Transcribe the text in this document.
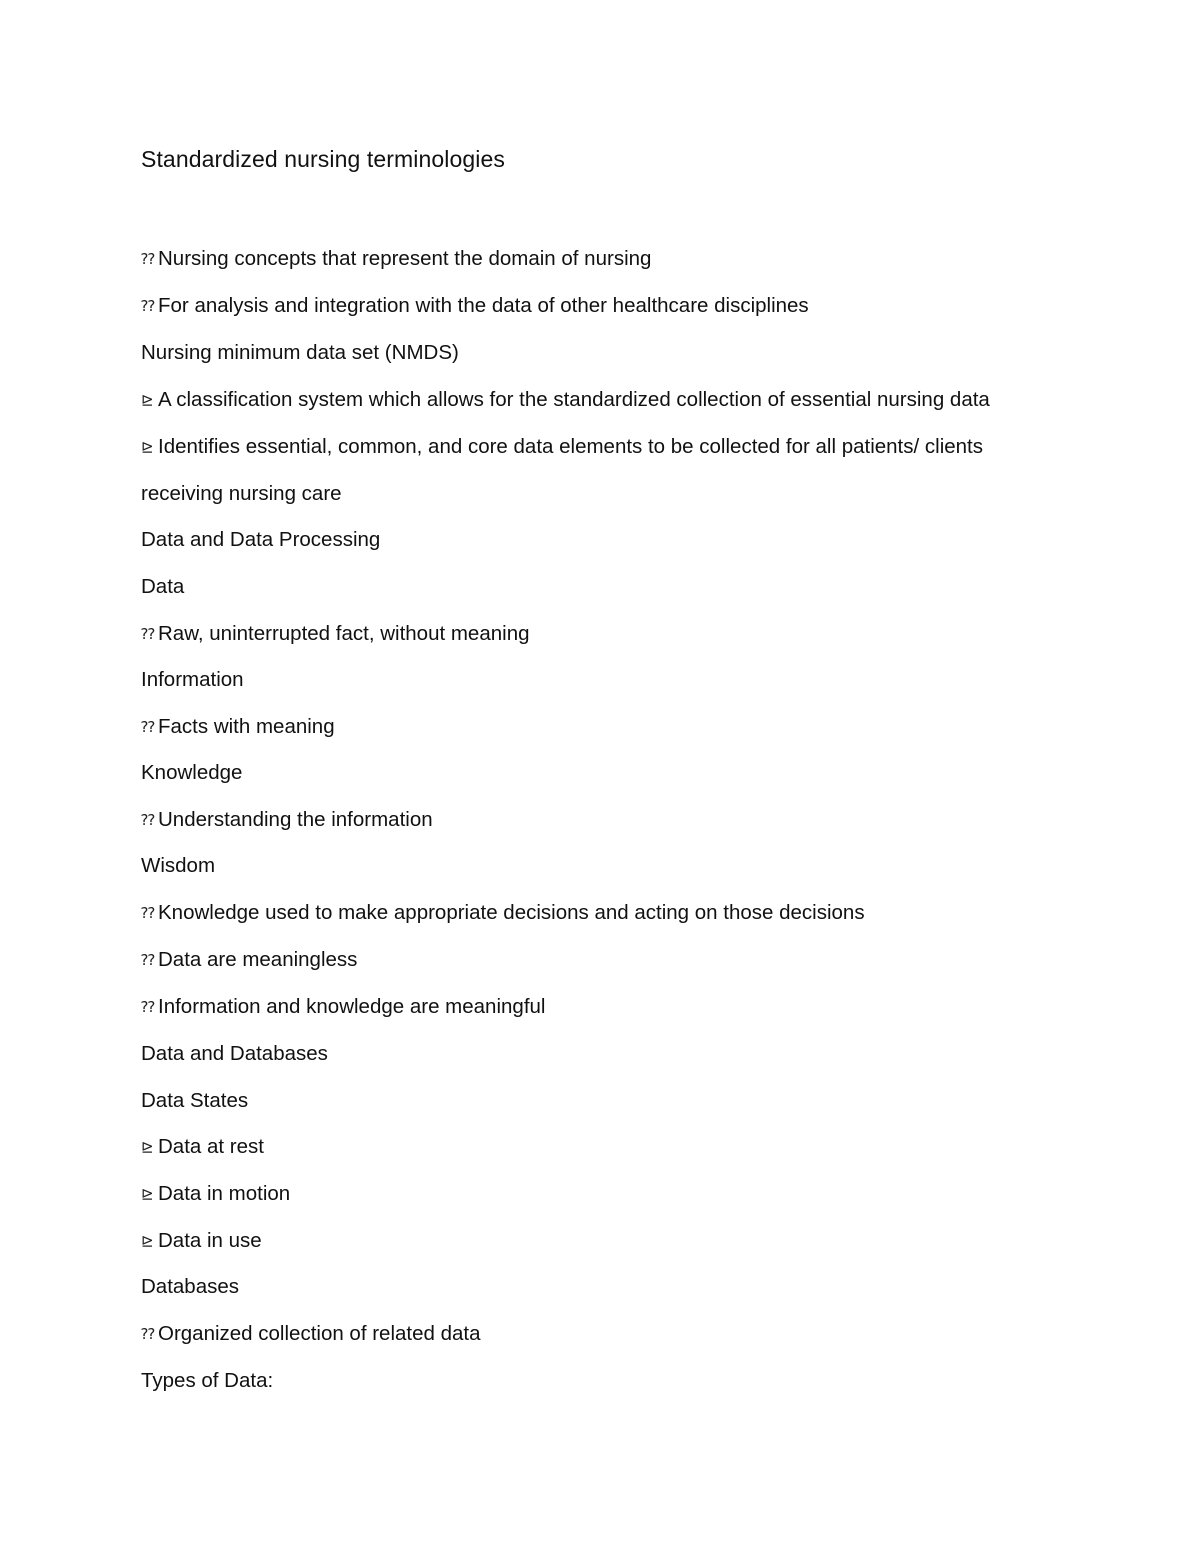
Standardized nursing terminologies
⁇ Nursing concepts that represent the domain of nursing
⁇ For analysis and integration with the data of other healthcare disciplines
Nursing minimum data set (NMDS)
⊵ A classification system which allows for the standardized collection of essential nursing data
⊵ Identifies essential, common, and core data elements to be collected for all patients/ clients
receiving nursing care
Data and Data Processing
Data
⁇ Raw, uninterrupted fact, without meaning
Information
⁇ Facts with meaning
Knowledge
⁇ Understanding the information
Wisdom
⁇ Knowledge used to make appropriate decisions and acting on those decisions
⁇ Data are meaningless
⁇ Information and knowledge are meaningful
Data and Databases
Data States
⊵ Data at rest
⊵ Data in motion
⊵ Data in use
Databases
⁇ Organized collection of related data
Types of Data:
